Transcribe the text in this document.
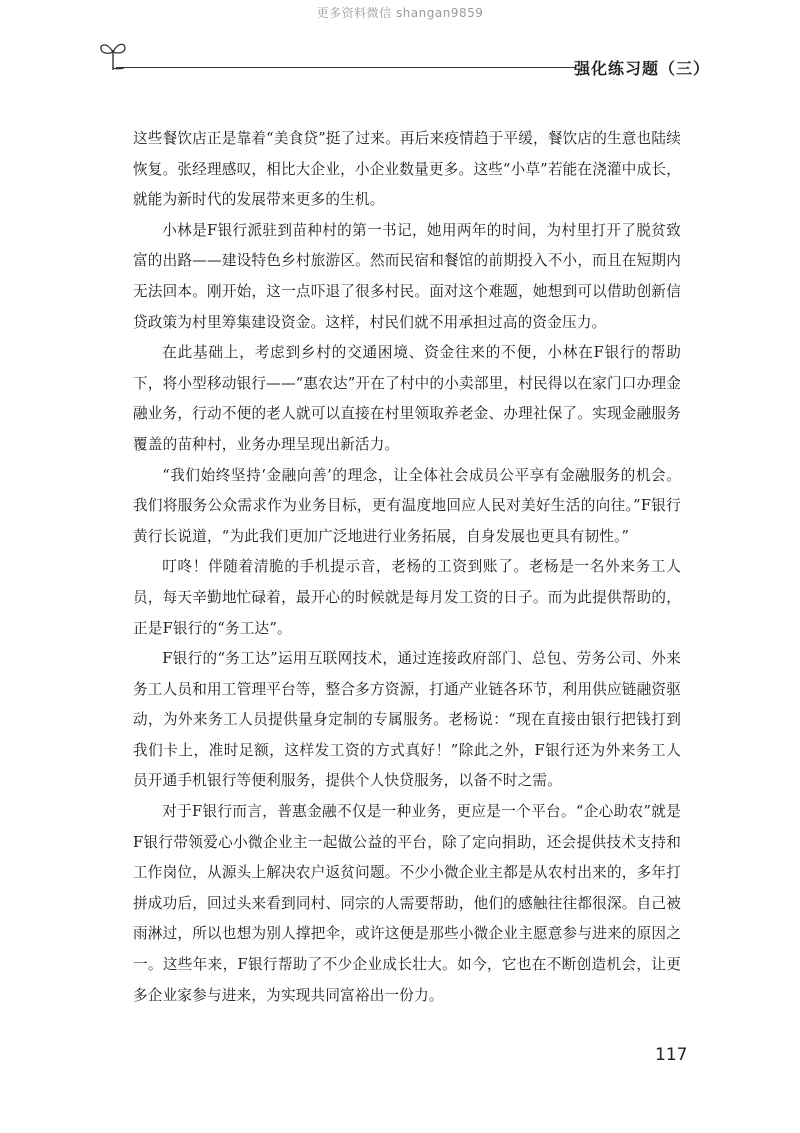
更多资料微信 shangan9859
强化练习题（三）

这些餐饮店正是靠着“美食贷”挺了过来。再后来疫情趋于平缓，餐饮店的生意也陆续恢复。张经理感叹，相比大企业，小企业数量更多。这些“小草”若能在浇灌中成长，就能为新时代的发展带来更多的生机。

小林是F银行派驻到苗种村的第一书记，她用两年的时间，为村里打开了脱贫致富的出路——建设特色乡村旅游区。然而民宿和餐馆的前期投入不小，而且在短期内无法回本。刚开始，这一点吓退了很多村民。面对这个难题，她想到可以借助创新信贷政策为村里筹集建设资金。这样，村民们就不用承担过高的资金压力。

在此基础上，考虑到乡村的交通困境、资金往来的不便，小林在F银行的帮助下，将小型移动银行——“惠农达”开在了村中的小卖部里，村民得以在家门口办理金融业务，行动不便的老人就可以直接在村里领取养老金、办理社保了。实现金融服务覆盖的苗种村，业务办理呈现出新活力。

“我们始终坚持‘金融向善’的理念，让全体社会成员公平享有金融服务的机会。我们将服务公众需求作为业务目标，更有温度地回应人民对美好生活的向往。”F银行黄行长说道，“为此我们更加广泛地进行业务拓展，自身发展也更具有韧性。”

叮咚！伴随着清脆的手机提示音，老杨的工资到账了。老杨是一名外来务工人员，每天辛勤地忙碌着，最开心的时候就是每月发工资的日子。而为此提供帮助的，正是F银行的“务工达”。

F银行的“务工达”运用互联网技术，通过连接政府部门、总包、劳务公司、外来务工人员和用工管理平台等，整合多方资源，打通产业链各环节，利用供应链融资驱动，为外来务工人员提供量身定制的专属服务。老杨说：“现在直接由银行把钱打到我们卡上，准时足额，这样发工资的方式真好！”除此之外，F银行还为外来务工人员开通手机银行等便利服务，提供个人快贷服务，以备不时之需。

对于F银行而言，普惠金融不仅是一种业务，更应是一个平台。“企心助农”就是F银行带领爱心小微企业主一起做公益的平台，除了定向捐助，还会提供技术支持和工作岗位，从源头上解决农户返贫问题。不少小微企业主都是从农村出来的，多年打拼成功后，回过头来看到同村、同宗的人需要帮助，他们的感触往往都很深。自己被雨淋过，所以也想为别人撑把伞，或许这便是那些小微企业主愿意参与进来的原因之一。这些年来，F银行帮助了不少企业成长壮大。如今，它也在不断创造机会，让更多企业家参与进来，为实现共同富裕出一份力。

117
